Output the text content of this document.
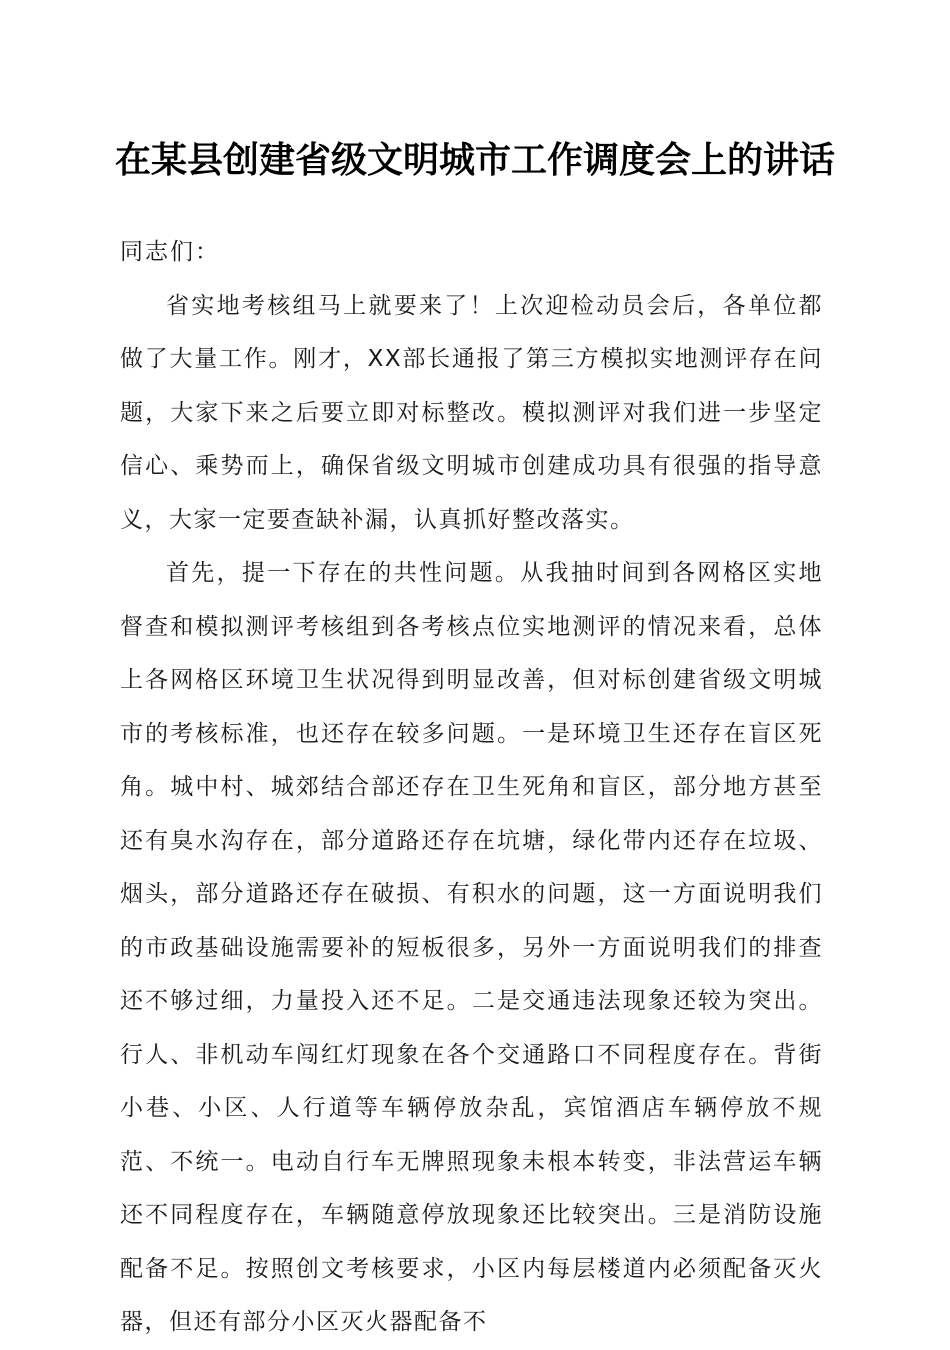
在某县创建省级文明城市工作调度会上的讲话

同志们：

省实地考核组马上就要来了！上次迎检动员会后，各单位都做了大量工作。刚才，XX部长通报了第三方模拟实地测评存在问题，大家下来之后要立即对标整改。模拟测评对我们进一步坚定信心、乘势而上，确保省级文明城市创建成功具有很强的指导意义，大家一定要查缺补漏，认真抓好整改落实。

首先，提一下存在的共性问题。从我抽时间到各网格区实地督查和模拟测评考核组到各考核点位实地测评的情况来看，总体上各网格区环境卫生状况得到明显改善，但对标创建省级文明城市的考核标准，也还存在较多问题。一是环境卫生还存在盲区死角。城中村、城郊结合部还存在卫生死角和盲区，部分地方甚至还有臭水沟存在，部分道路还存在坑塘，绿化带内还存在垃圾、烟头，部分道路还存在破损、有积水的问题，这一方面说明我们的市政基础设施需要补的短板很多，另外一方面说明我们的排查还不够过细，力量投入还不足。二是交通违法现象还较为突出。行人、非机动车闯红灯现象在各个交通路口不同程度存在。背街小巷、小区、人行道等车辆停放杂乱，宾馆酒店车辆停放不规范、不统一。电动自行车无牌照现象未根本转变，非法营运车辆还不同程度存在，车辆随意停放现象还比较突出。三是消防设施配备不足。按照创文考核要求，小区内每层楼道内必须配备灭火器，但还有部分小区灭火器配备不
